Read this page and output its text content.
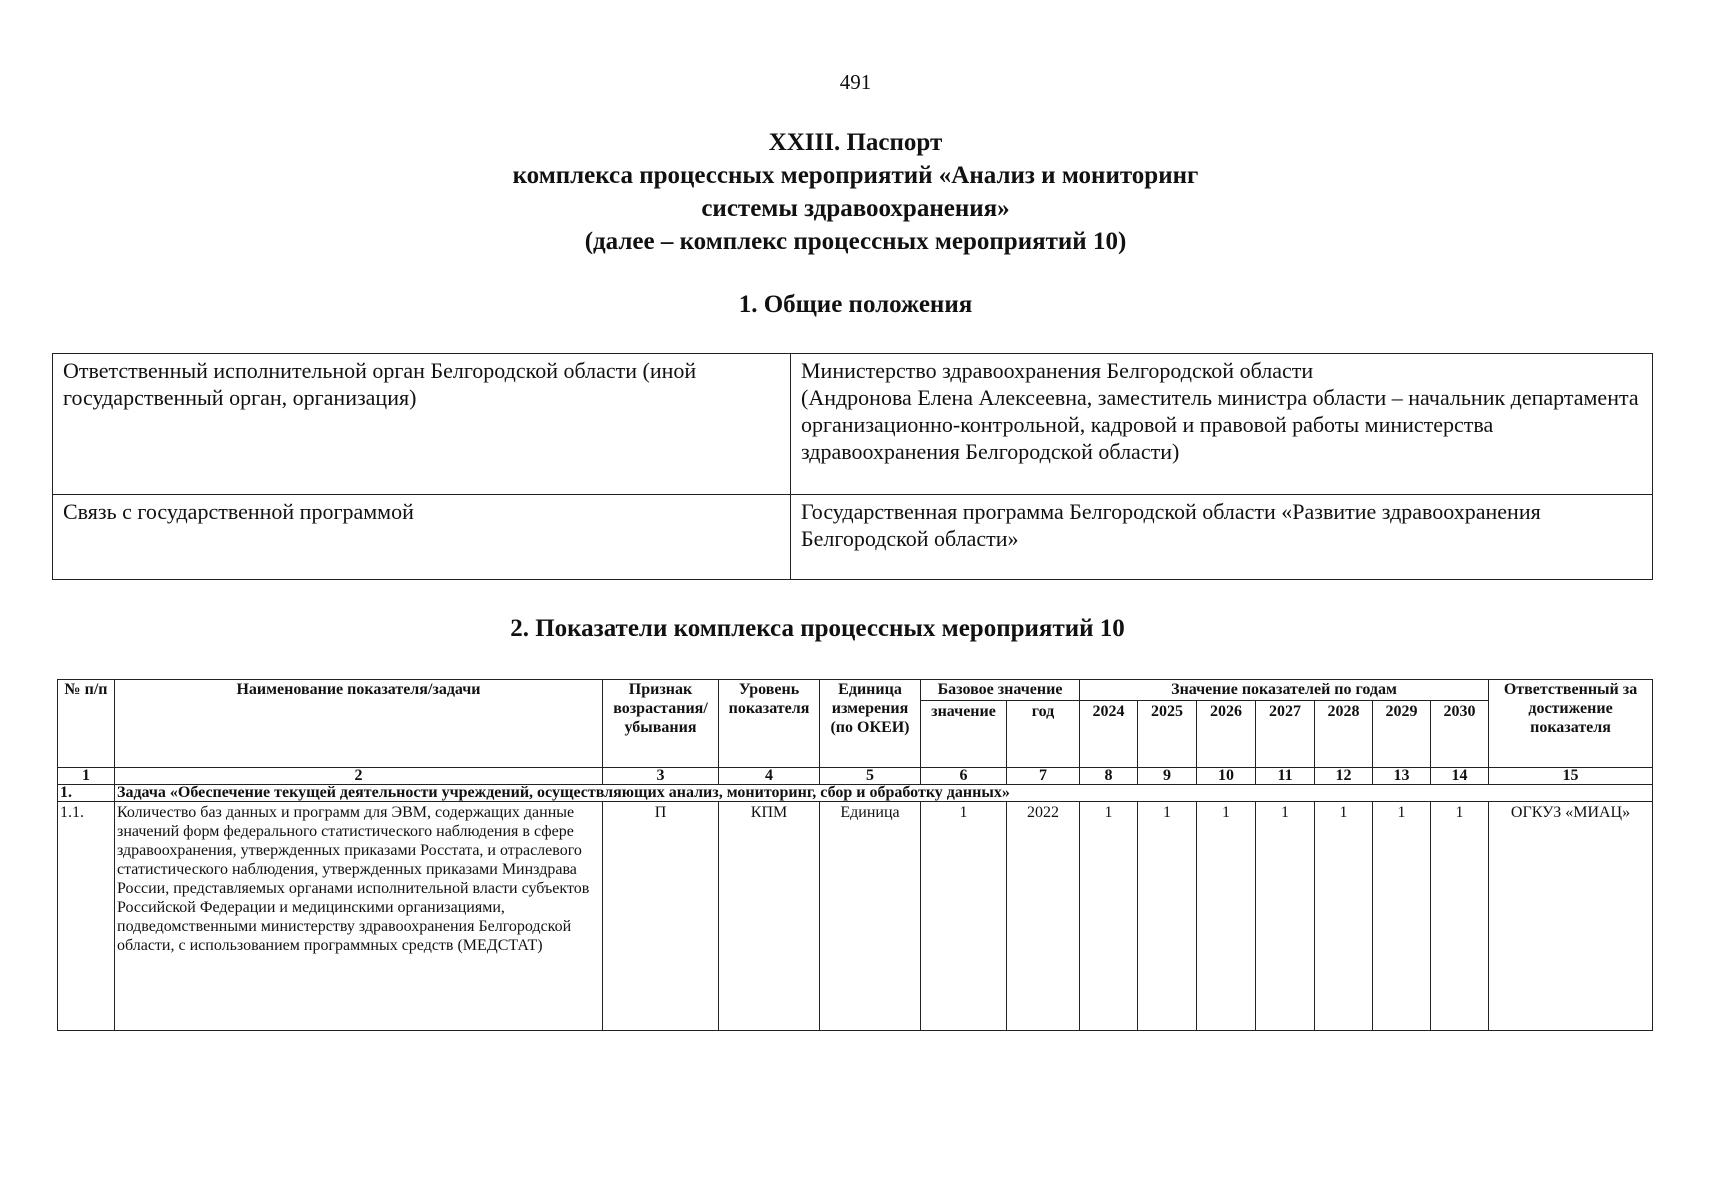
491
XXIII. Паспорт
комплекса процессных мероприятий «Анализ и мониторинг
системы здравоохранения»
(далее – комплекс процессных мероприятий 10)
1. Общие положения
Ответственный исполнительной орган Белгородской области (иной государственный орган, организация)	Министерство здравоохранения Белгородской области
(Андронова Елена Алексеевна, заместитель министра области – начальник департамента организационно-контрольной, кадровой и правовой работы министерства здравоохранения Белгородской области)

Связь с государственной программой	Государственная программа Белгородской области «Развитие здравоохранения Белгородской области»
2. Показатели комплекса процессных мероприятий 10
№ п/п	Наименование показателя/задачи	Признак возрастания/ убывания	Уровень показателя	Единица измерения (по ОКЕИ)	Базовое значение		Значение показателей по годам							Ответственный за достижение показателя
					значение	год	2024	2025	2026	2027	2028	2029	2030	
1	2	3	4	5	6	7	8	9	10	11	12	13	14	15
1.	Задача «Обеспечение текущей деятельности учреждений, осуществляющих анализ, мониторинг, сбор и обработку данных»													
1.1.	Количество баз данных и программ для ЭВМ, содержащих данные значений форм федерального статистического наблюдения в сфере здравоохранения, утвержденных приказами Росстата, и отраслевого статистического наблюдения, утвержденных приказами Минздрава России, представляемых органами исполнительной власти субъектов Российской Федерации и медицинскими организациями, подведомственными министерству здравоохранения Белгородской области, с использованием программных средств (МЕДСТАТ)	П	КПМ	Единица	1	2022	1	1	1	1	1	1	1	ОГКУЗ «МИАЦ»
